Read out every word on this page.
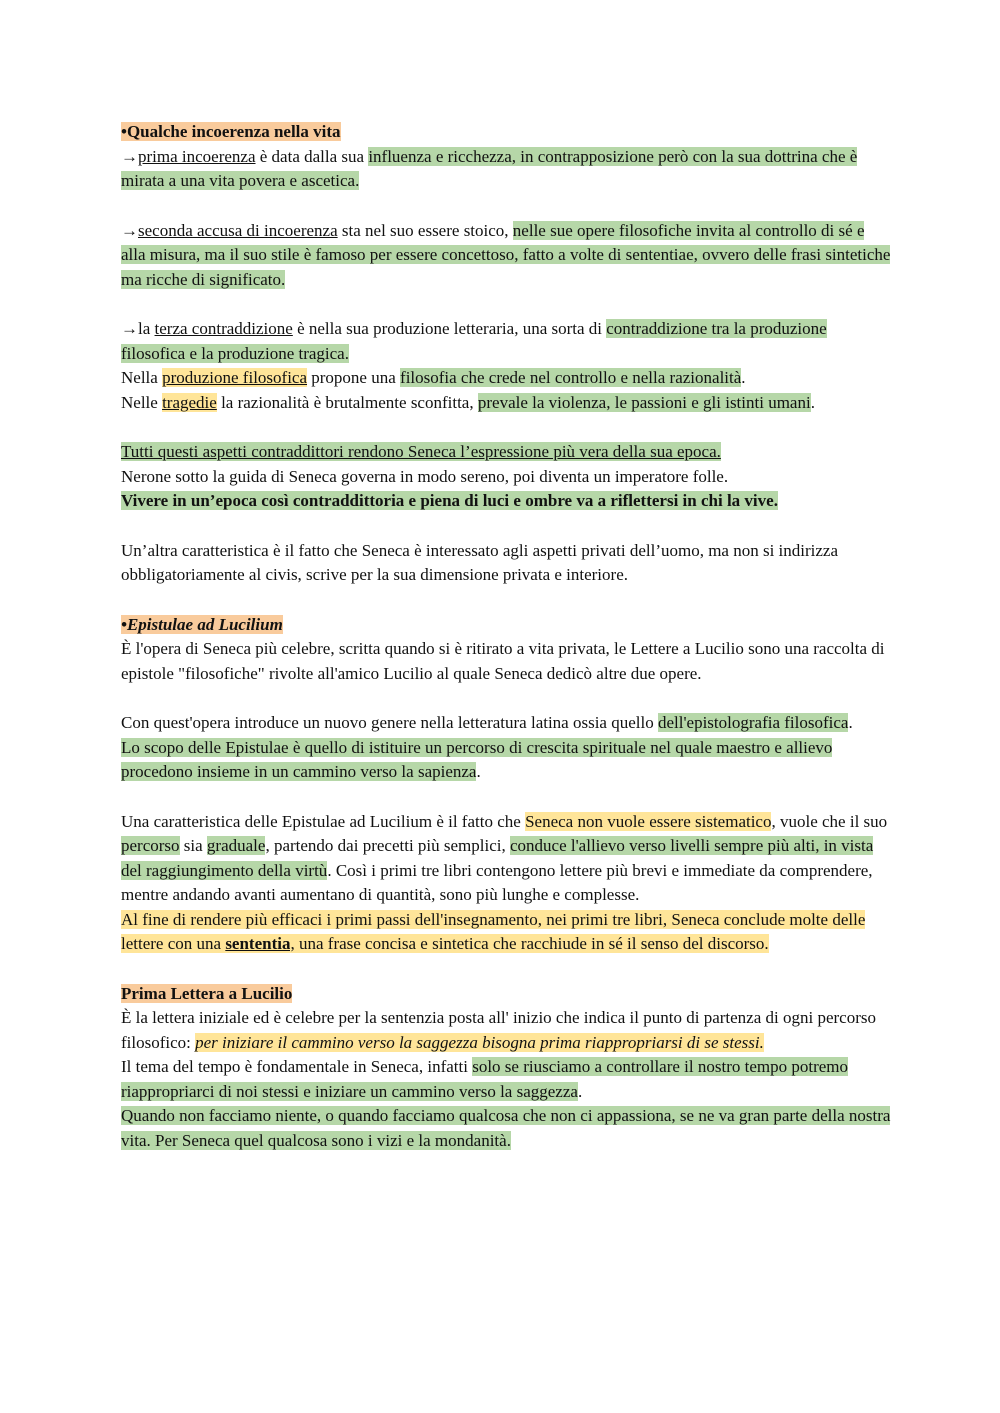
•Qualche incoerenza nella vita

→prima incoerenza è data dalla sua influenza e ricchezza, in contrapposizione però con la sua dottrina che è mirata a una vita povera e ascetica.

→seconda accusa di incoerenza sta nel suo essere stoico, nelle sue opere filosofiche invita al controllo di sé e alla misura, ma il suo stile è famoso per essere concettoso, fatto a volte di sententiae, ovvero delle frasi sintetiche ma ricche di significato.

→la terza contraddizione è nella sua produzione letteraria, una sorta di contraddizione tra la produzione filosofica e la produzione tragica.

Nella produzione filosofica propone una filosofia che crede nel controllo e nella razionalità.

Nelle tragedie la razionalità è brutalmente sconfitta, prevale la violenza, le passioni e gli istinti umani.

Tutti questi aspetti contraddittori rendono Seneca l’espressione più vera della sua epoca.

Nerone sotto la guida di Seneca governa in modo sereno, poi diventa un imperatore folle.

Vivere in un’epoca così contraddittoria e piena di luci e ombre va a riflettersi in chi la vive.

Un’altra caratteristica è il fatto che Seneca è interessato agli aspetti privati dell’uomo, ma non si indirizza obbligatoriamente al civis, scrive per la sua dimensione privata e interiore.

•Epistulae ad Lucilium

È l'opera di Seneca più celebre, scritta quando si è ritirato a vita privata, le Lettere a Lucilio sono una raccolta di epistole "filosofiche" rivolte all'amico Lucilio al quale Seneca dedicò altre due opere.

Con quest'opera introduce un nuovo genere nella letteratura latina ossia quello dell'epistolografia filosofica.

Lo scopo delle Epistulae è quello di istituire un percorso di crescita spirituale nel quale maestro e allievo procedono insieme in un cammino verso la sapienza.

Una caratteristica delle Epistulae ad Lucilium è il fatto che Seneca non vuole essere sistematico, vuole che il suo percorso sia graduale, partendo dai precetti più semplici, conduce l'allievo verso livelli sempre più alti, in vista del raggiungimento della virtù. Così i primi tre libri contengono lettere più brevi e immediate da comprendere, mentre andando avanti aumentano di quantità, sono più lunghe e complesse.

Al fine di rendere più efficaci i primi passi dell'insegnamento, nei primi tre libri, Seneca conclude molte delle lettere con una sententia, una frase concisa e sintetica che racchiude in sé il senso del discorso.

Prima Lettera a Lucilio

È la lettera iniziale ed è celebre per la sentenzia posta all' inizio che indica il punto di partenza di ogni percorso filosofico: per iniziare il cammino verso la saggezza bisogna prima riappropriarsi di se stessi.

Il tema del tempo è fondamentale in Seneca, infatti solo se riusciamo a controllare il nostro tempo potremo riappropriarci di noi stessi e iniziare un cammino verso la saggezza.

Quando non facciamo niente, o quando facciamo qualcosa che non ci appassiona, se ne va gran parte della nostra vita. Per Seneca quel qualcosa sono i vizi e la mondanità.
